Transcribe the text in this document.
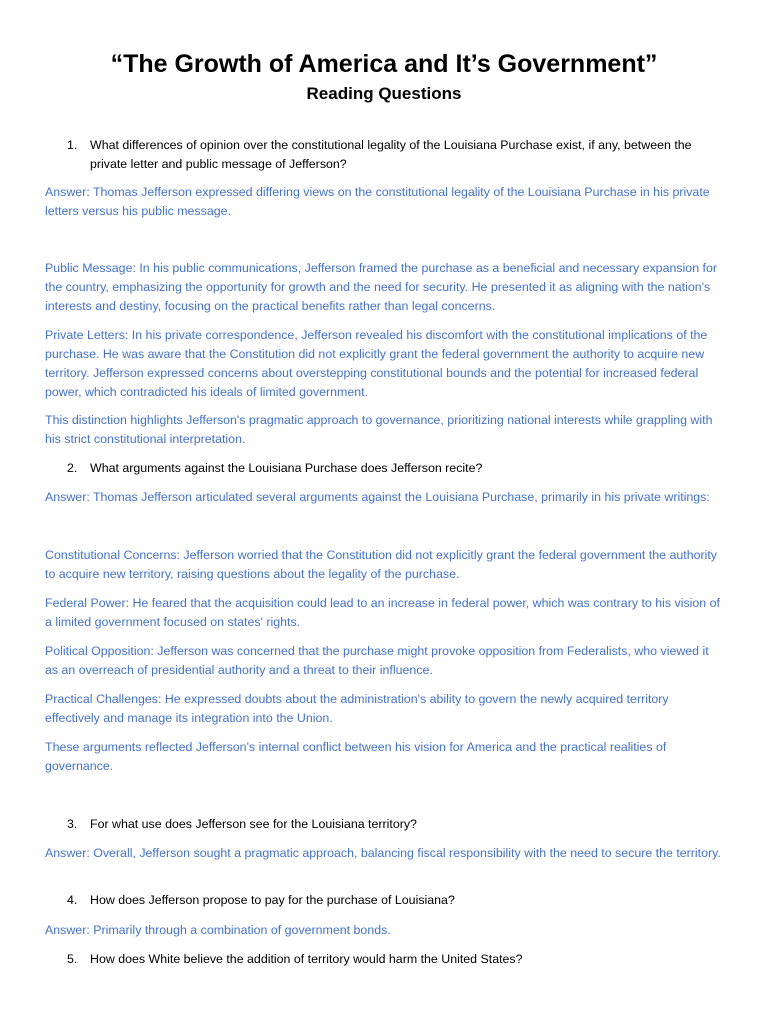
“The Growth of America and It’s Government”
Reading Questions
1.	What differences of opinion over the constitutional legality of the Louisiana Purchase exist, if any, between the private letter and public message of Jefferson?

Answer: Thomas Jefferson expressed differing views on the constitutional legality of the Louisiana Purchase in his private letters versus his public message.

Public Message: In his public communications, Jefferson framed the purchase as a beneficial and necessary expansion for the country, emphasizing the opportunity for growth and the need for security. He presented it as aligning with the nation's interests and destiny, focusing on the practical benefits rather than legal concerns.

Private Letters: In his private correspondence, Jefferson revealed his discomfort with the constitutional implications of the purchase. He was aware that the Constitution did not explicitly grant the federal government the authority to acquire new territory. Jefferson expressed concerns about overstepping constitutional bounds and the potential for increased federal power, which contradicted his ideals of limited government.

This distinction highlights Jefferson's pragmatic approach to governance, prioritizing national interests while grappling with his strict constitutional interpretation.

2.	What arguments against the Louisiana Purchase does Jefferson recite?

Answer: Thomas Jefferson articulated several arguments against the Louisiana Purchase, primarily in his private writings:

Constitutional Concerns: Jefferson worried that the Constitution did not explicitly grant the federal government the authority to acquire new territory, raising questions about the legality of the purchase.

Federal Power: He feared that the acquisition could lead to an increase in federal power, which was contrary to his vision of a limited government focused on states' rights.

Political Opposition: Jefferson was concerned that the purchase might provoke opposition from Federalists, who viewed it as an overreach of presidential authority and a threat to their influence.

Practical Challenges: He expressed doubts about the administration's ability to govern the newly acquired territory effectively and manage its integration into the Union.

These arguments reflected Jefferson's internal conflict between his vision for America and the practical realities of governance.

3.	For what use does Jefferson see for the Louisiana territory?

Answer: Overall, Jefferson sought a pragmatic approach, balancing fiscal responsibility with the need to secure the territory.

4.	How does Jefferson propose to pay for the purchase of Louisiana?

Answer: Primarily through a combination of government bonds.

5.	How does White believe the addition of territory would harm the United States?
